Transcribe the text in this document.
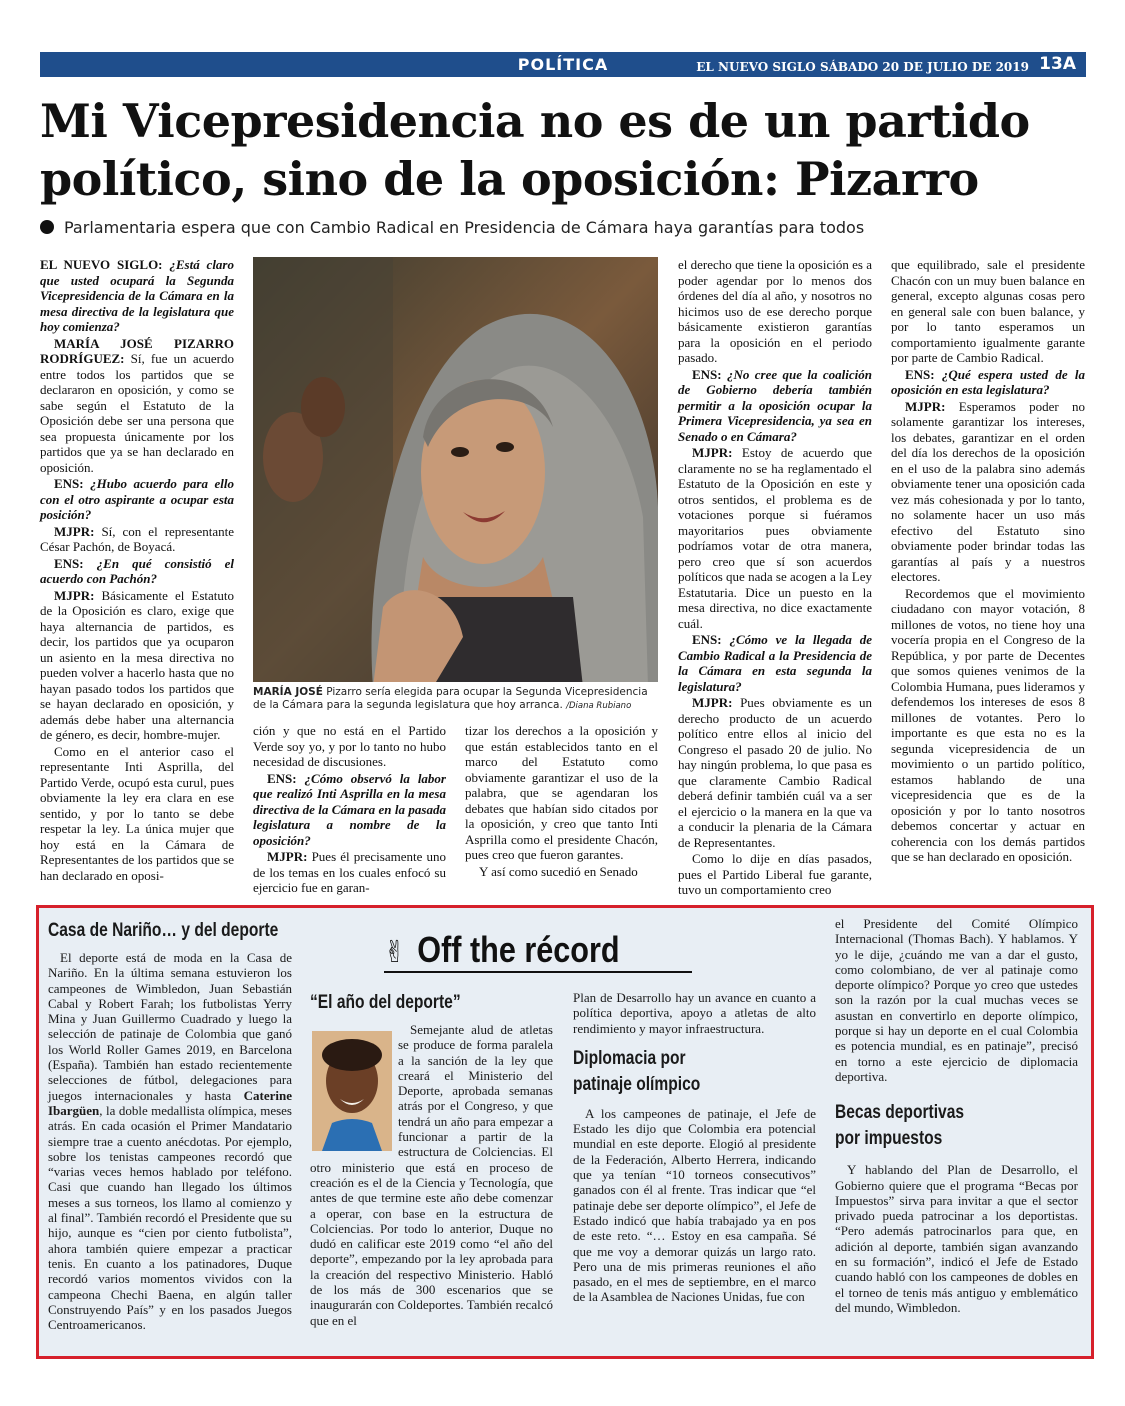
POLÍTICA	EL NUEVO SIGLO SÁBADO 20 DE JULIO DE 2019 13A
Mi Vicepresidencia no es de un partido
político, sino de la oposición: Pizarro
Parlamentaria espera que con Cambio Radical en Presidencia de Cámara haya garantías para todos

EL NUEVO SIGLO: ¿Está claro que usted ocupará la Segunda Vicepresidencia de la Cámara en la mesa directiva de la legislatura que hoy comienza?

MARÍA JOSÉ PIZARRO RODRÍGUEZ: Sí, fue un acuerdo entre todos los partidos que se declararon en oposición, y como se sabe según el Estatuto de la Oposición debe ser una persona que sea propuesta únicamente por los partidos que ya se han declarado en oposición.

ENS: ¿Hubo acuerdo para ello con el otro aspirante a ocupar esta posición?

MJPR: Sí, con el representante César Pachón, de Boyacá.

ENS: ¿En qué consistió el acuerdo con Pachón?

MJPR: Básicamente el Estatuto de la Oposición es claro, exige que haya alternancia de partidos, es decir, los partidos que ya ocuparon un asiento en la mesa directiva no pueden volver a hacerlo hasta que no hayan pasado todos los partidos que se hayan declarado en oposición, y además debe haber una alternancia de género, es decir, hombre-mujer.

Como en el anterior caso el representante Inti Asprilla, del Partido Verde, ocupó esta curul, pues obviamente la ley era clara en ese sentido, y por lo tanto se debe respetar la ley. La única mujer que hoy está en la Cámara de Representantes de los partidos que se han declarado en oposi-

MARÍA JOSÉ Pizarro sería elegida para ocupar la Segunda Vicepresidencia de la Cámara para la segunda legislatura que hoy arranca. /Diana Rubiano

ción y que no está en el Partido Verde soy yo, y por lo tanto no hubo necesidad de discusiones.

ENS: ¿Cómo observó la labor que realizó Inti Asprilla en la mesa directiva de la Cámara en la pasada legislatura a nombre de la oposición?

MJPR: Pues él precisamente uno de los temas en los cuales enfocó su ejercicio fue en garan-

tizar los derechos a la oposición y que están establecidos tanto en el marco del Estatuto como obviamente garantizar el uso de la palabra, que se agendaran los debates que habían sido citados por la oposición, y creo que tanto Inti Asprilla como el presidente Chacón, pues creo que fueron garantes.

Y así como sucedió en Senado

el derecho que tiene la oposición es a poder agendar por lo menos dos órdenes del día al año, y nosotros no hicimos uso de ese derecho porque básicamente existieron garantías para la oposición en el periodo pasado.

ENS: ¿No cree que la coalición de Gobierno debería también permitir a la oposición ocupar la Primera Vicepresidencia, ya sea en Senado o en Cámara?

MJPR: Estoy de acuerdo que claramente no se ha reglamentado el Estatuto de la Oposición en este y otros sentidos, el problema es de votaciones porque si fuéramos mayoritarios pues obviamente podríamos votar de otra manera, pero creo que sí son acuerdos políticos que nada se acogen a la Ley Estatutaria. Dice un puesto en la mesa directiva, no dice exactamente cuál.

ENS: ¿Cómo ve la llegada de Cambio Radical a la Presidencia de la Cámara en esta segunda la legislatura?

MJPR: Pues obviamente es un derecho producto de un acuerdo político entre ellos al inicio del Congreso el pasado 20 de julio. No hay ningún problema, lo que pasa es que claramente Cambio Radical deberá definir también cuál va a ser el ejercicio o la manera en la que va a conducir la plenaria de la Cámara de Representantes.

Como lo dije en días pasados, pues el Partido Liberal fue garante, tuvo un comportamiento creo

que equilibrado, sale el presidente Chacón con un muy buen balance en general, excepto algunas cosas pero en general sale con buen balance, y por lo tanto esperamos un comportamiento igualmente garante por parte de Cambio Radical.

ENS: ¿Qué espera usted de la oposición en esta legislatura?

MJPR: Esperamos poder no solamente garantizar los intereses, los debates, garantizar en el orden del día los derechos de la oposición en el uso de la palabra sino además obviamente tener una oposición cada vez más cohesionada y por lo tanto, no solamente hacer un uso más efectivo del Estatuto sino obviamente poder brindar todas las garantías al país y a nuestros electores.

Recordemos que el movimiento ciudadano con mayor votación, 8 millones de votos, no tiene hoy una vocería propia en el Congreso de la República, y por parte de Decentes que somos quienes venimos de la Colombia Humana, pues lideramos y defendemos los intereses de esos 8 millones de votantes. Pero lo importante es que esta no es la segunda vicepresidencia de un movimiento o un partido político, estamos hablando de una vicepresidencia que es de la oposición y por lo tanto nosotros debemos concertar y actuar en coherencia con los demás partidos que se han declarado en oposición.

✌ Off the récord
Casa de Nariño… y del deporte

El deporte está de moda en la Casa de Nariño. En la última semana estuvieron los campeones de Wimbledon, Juan Sebastián Cabal y Robert Farah; los futbolistas Yerry Mina y Juan Guillermo Cuadrado y luego la selección de patinaje de Colombia que ganó los World Roller Games 2019, en Barcelona (España). También han estado recientemente selecciones de fútbol, delegaciones para juegos internacionales y hasta Caterine Ibargüen, la doble medallista olímpica, meses atrás. En cada ocasión el Primer Mandatario siempre trae a cuento anécdotas. Por ejemplo, sobre los tenistas campeones recordó que “varias veces hemos hablado por teléfono. Casi que cuando han llegado los últimos meses a sus torneos, los llamo al comienzo y al final”. También recordó el Presidente que su hijo, aunque es “cien por ciento futbolista”, ahora también quiere empezar a practicar tenis. En cuanto a los patinadores, Duque recordó varios momentos vividos con la campeona Chechi Baena, en algún taller Construyendo País” y en los pasados Juegos Centroamericanos.

“El año del deporte”

Semejante alud de atletas se produce de forma paralela a la sanción de la ley que creará el Ministerio del Deporte, aprobada semanas atrás por el Congreso, y que tendrá un año para empezar a funcionar a partir de la estructura de Colciencias. El otro ministerio que está en proceso de creación es el de la Ciencia y Tecnología, que antes de que termine este año debe comenzar a operar, con base en la estructura de Colciencias. Por todo lo anterior, Duque no dudó en calificar este 2019 como “el año del deporte”, empezando por la ley aprobada para la creación del respectivo Ministerio. Habló de los más de 300 escenarios que se inaugurarán con Coldeportes. También recalcó que en el

Plan de Desarrollo hay un avance en cuanto a política deportiva, apoyo a atletas de alto rendimiento y mayor infraestructura.

Diplomacia por
patinaje olímpico

A los campeones de patinaje, el Jefe de Estado les dijo que Colombia era potencial mundial en este deporte. Elogió al presidente de la Federación, Alberto Herrera, indicando que ya tenían “10 torneos consecutivos” ganados con él al frente. Tras indicar que “el patinaje debe ser deporte olímpico”, el Jefe de Estado indicó que había trabajado ya en pos de este reto. “… Estoy en esa campaña. Sé que me voy a demorar quizás un largo rato. Pero una de mis primeras reuniones el año pasado, en el mes de septiembre, en el marco de la Asamblea de Naciones Unidas, fue con

el Presidente del Comité Olímpico Internacional (Thomas Bach). Y hablamos. Y yo le dije, ¿cuándo me van a dar el gusto, como colombiano, de ver al patinaje como deporte olímpico? Porque yo creo que ustedes son la razón por la cual muchas veces se asustan en convertirlo en deporte olímpico, porque si hay un deporte en el cual Colombia es potencia mundial, es en patinaje”, precisó en torno a este ejercicio de diplomacia deportiva.

Becas deportivas
por impuestos

Y hablando del Plan de Desarrollo, el Gobierno quiere que el programa “Becas por Impuestos” sirva para invitar a que el sector privado pueda patrocinar a los deportistas. “Pero además patrocinarlos para que, en adición al deporte, también sigan avanzando en su formación”, indicó el Jefe de Estado cuando habló con los campeones de dobles en el torneo de tenis más antiguo y emblemático del mundo, Wimbledon.
